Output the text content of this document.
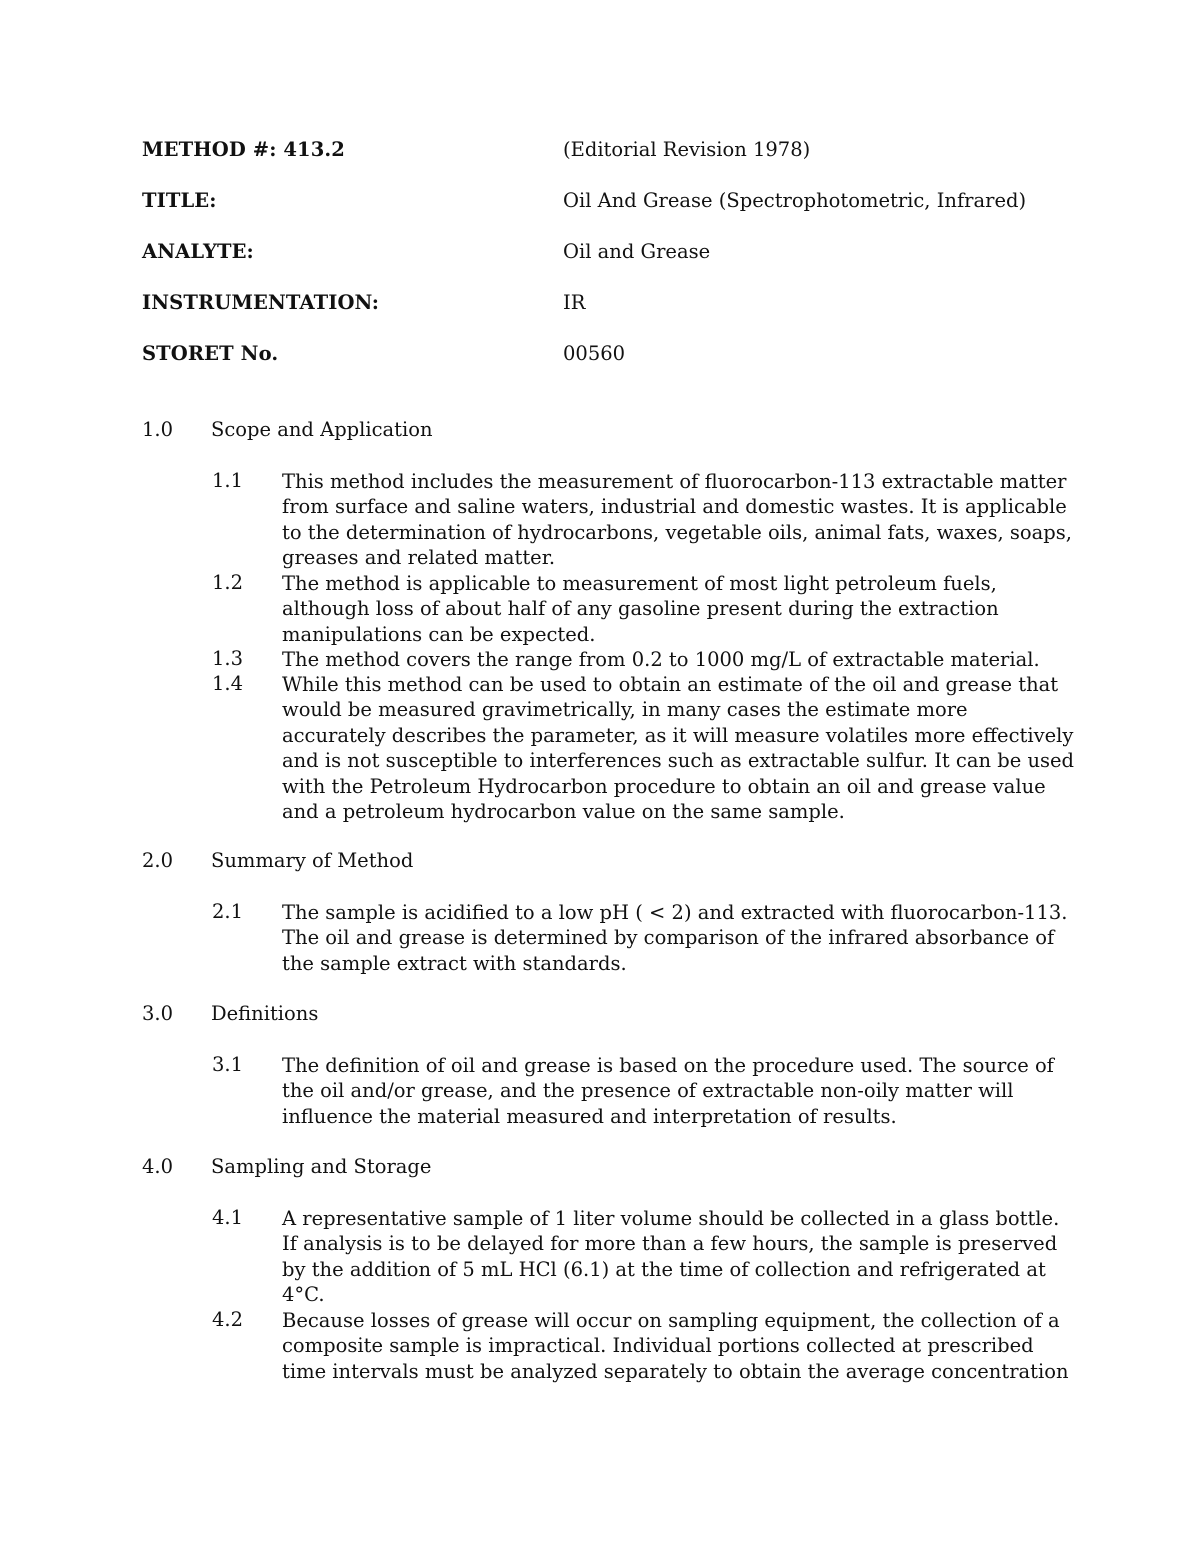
METHOD #: 413.2	(Editorial Revision 1978)
TITLE:	Oil And Grease (Spectrophotometric, Infrared)
ANALYTE:	Oil and Grease
INSTRUMENTATION:	IR
STORET No.	00560
1.0 Scope and Application
1.1 This method includes the measurement of fluorocarbon-113 extractable matter
from surface and saline waters, industrial and domestic wastes. It is applicable
to the determination of hydrocarbons, vegetable oils, animal fats, waxes, soaps,
greases and related matter.
1.2 The method is applicable to measurement of most light petroleum fuels,
although loss of about half of any gasoline present during the extraction
manipulations can be expected.
1.3 The method covers the range from 0.2 to 1000 mg/L of extractable material.
1.4 While this method can be used to obtain an estimate of the oil and grease that
would be measured gravimetrically, in many cases the estimate more
accurately describes the parameter, as it will measure volatiles more effectively
and is not susceptible to interferences such as extractable sulfur. It can be used
with the Petroleum Hydrocarbon procedure to obtain an oil and grease value
and a petroleum hydrocarbon value on the same sample.
2.0 Summary of Method
2.1 The sample is acidified to a low pH ( < 2) and extracted with fluorocarbon-113.
The oil and grease is determined by comparison of the infrared absorbance of
the sample extract with standards.
3.0 Definitions
3.1 The definition of oil and grease is based on the procedure used. The source of
the oil and/or grease, and the presence of extractable non-oily matter will
influence the material measured and interpretation of results.
4.0 Sampling and Storage
4.1 A representative sample of 1 liter volume should be collected in a glass bottle.
If analysis is to be delayed for more than a few hours, the sample is preserved
by the addition of 5 mL HCl (6.1) at the time of collection and refrigerated at
4°C.
4.2 Because losses of grease will occur on sampling equipment, the collection of a
composite sample is impractical. Individual portions collected at prescribed
time intervals must be analyzed separately to obtain the average concentration
